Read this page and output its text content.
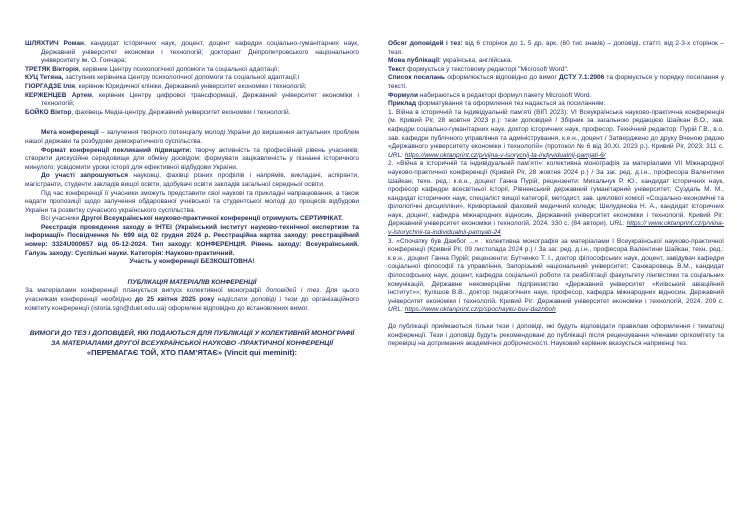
ШЛЯХТИЧ Роман, кандидат історичних наук, доцент, доцент кафедри соціально-гуманітарних наук, Державний університет економіки і технологій; докторант Дніпропетровського національного університету ім. О. Гончара;

ТРЕТЯК Вікторія, керівник Центру психологічної допомоги та соціальної адаптації;

КУЦ Тетяна, заступник керівника Центру психологічної допомоги та соціальної адаптації;і

ГІОРГАДЗЕ Ілія, керівник Юридичної клініки, Державний університет економіки і технологій;

КЕРЖЕНЦЕВ Артем, керівник Центру цифрової трансформації, Державний університет економіки і технологій;

БОЙКО Віктор, фахівець Медіа-центру, Державний університет економіки і технологій.

Мета конференції – залучення творчого потенціалу молоді України до вирішення актуальних проблем нашої держави та розбудови демократичного суспільства.

Формат конференції покликаний підвищити: творчу активність та професійний рівень учасників; створити дискусійне середовище для обміну досвідом; формувати зацікавленість у пізнанні історичного минулого; усвідомити уроки історії для ефективної відбудови України.

До участі запрошуються науковці, фахівці різних профілів і напрямів, викладачі, аспіранти, магістранти, студенти закладів вищої освіти, здобувачі освіти закладів загальної середньої освіти.

Під час конференції її учасники зможуть представити свої наукові та прикладні напрацювання, а також надати пропозиції щодо залучення обдарованої учнівської та студентської молоді до процесів відбудови України та розвитку сучасного українського суспільства.

Всі учасники Другої Всеукраїнської науково-практичної конференції отримують СЕРТИФІКАТ.

Реєстрація проведення заходу в ІНТЕІ (Український інститут науково-технічної експертизи та інформації» Посвідчення № 699 від 02 грудня 2024 р. Реєстраційна картка заходу: реєстраційний номер: 3324U000657 від 05-12-2024. Тип заходу: КОНФЕРЕНЦІЯ. Рівень заходу: Всеукраїнський. Галузь заходу: Суспільні науки. Категорія: Науково-практичний.

Участь у конференції БЕЗКОШТОВНА!

ПУБЛІКАЦІЯ МАТЕРІАЛІВ КОНФЕРЕНЦІЇ

За матеріалами конференції планується випуск колективної монографії доповідей і тез. Для цього учасникам конференції необхідно до 25 квітня 2025 року надіслати доповіді і тези до організаційного комітету конференції (istoria.sgn@duet.edu.ua) оформлені відповідно до встановлених вимог.

ВИМОГИ ДО ТЕЗ І ДОПОВІДЕЙ, ЯКІ ПОДАЮТЬСЯ ДЛЯ ПУБЛІКАЦІЇ У КОЛЕКТИВНІЙ МОНОГРАФІЇ ЗА МАТЕРІАЛАМИ ДРУГОЇ ВСЕУКРАЇНСЬКОЇ НАУКОВО -ПРАКТИЧНОЇ КОНФЕРЕНЦІЇ «ПЕРЕМАГАЄ ТОЙ, ХТО ПАМ’ЯТАЄ» (Vincit qui meminit):

Обсяг доповідей і тез: від 6 сторінок до 1, 5 др. арк. (60 тис знаків) – доповіді, статті; від 2-3-х сторінок – тези.

Мова публікації: українська, англійська.

Текст формується у текстовому редакторі "Microsoft Word".

Список посилань оформлюється відповідно до вимог ДСТУ 7.1:2006 та формується у порядку посилання у тексті.

Формули набираються в редакторі формул пакету Microsoft Word.

Приклад форматування та оформлення тез надається за посиланням:

1. Війна в історичній та індивідуальній пам’яті (ВІП 2023): VI Всеукраїнська науково-практична конференція (м. Кривий Ріг, 28 жовтня 2023 р.): тези доповідей / Збірник за загальною редакцією Шайкан В.О., зав. кафедри соціально-гуманітарних наук, доктор історичних наук, професор. Технічний редактор: Пурій Г.В., в.о. зав. кафедри публічного управління та адміністрування, к.е.н., доцент / Затверджено до друку Вченою радою «Державного університету економіки і технологій» (протокол № 6 від 30.ХІ. 2023 р.). Кривий Ріг, 2023. 311 с. URL: https://www.oktanprint.cz/p/vijna-v-isorycnij-ta-indyvidualnij-pamjati-6/

2. «Війна в історичній та індивідуальній пам’яті»: колективна монографія за матеріалами VII Міжнародної науково-практичної конференції (Кривий Ріг, 28 жовтня 2024 р.) / За заг. ред. д.і.н., професора Валентини Шайкан; техн. ред.: к.е.н., доцент Ганна Пурій; рецензенти: Михальчук Р. Ю., кандидат історичних наук, професор кафедри всесвітньої історії, Рівненський державний гуманітарний університет; Суздаль М. М., кандидат історичних наук, спеціаліст вищої категорії, методист, зав. циклової комісії «Соціально-економічні та філологічні дисципліни», Криворізький фаховий медичний коледж; Шелудякова Н. А., кандидат історичних наук, доцент, кафедра міжнародних відносин, Державний університет економіки і технологій. Кривий Ріг: Державний університет економіки і технологій, 2024. 330 с. (84 автори). URL: https:// www.oktanprint.cz/p/viina-v-istorychnii-ta-individualnii-pamyati-24

3. «Спочатку був Дажбог ...» : колективна монографія за матеріалами І Всеукраїнської науково-практичної конференції (Кривий Ріг, 09 листопада 2024 р.) / За заг. ред. д.і.н., професора Валентини Шайкан; техн. ред.: к.е.н., доцент Ганна Пурій; рецензенти: Бутченко Т. І., доктор філософських наук, доцент, завідувач кафедри соціальної філософії та управління, Запорізький національний університет; Санжаровець В.М., кандидат філософських наук, доцент, кафедра соціальної роботи та реабілітації факультету лінгвістики та соціальних комунікацій, Державне некомерційне підприємство «Державний університет «Київський авіаційний інститут»»; Кулішов В.В., доктор педагогічних наук, професор, кафедра міжнародних відносин, Державний університет економіки і технологій. Кривий Ріг: Державний університет економіки і технологій, 2024. 209 с. URL: https://www.oktanprint.cz/p/spochayku-buv-dazhboh

До публікації приймаються тільки тези і доповіді, які будуть відповідати правилам оформлення і тематиці конференції. Тези і доповіді будуть рекомендовані до публікації після рецензування членами оргкомітету та перевірці на дотримання академічної доброчесності. Науковий керівник вказується наприкінці тез.
